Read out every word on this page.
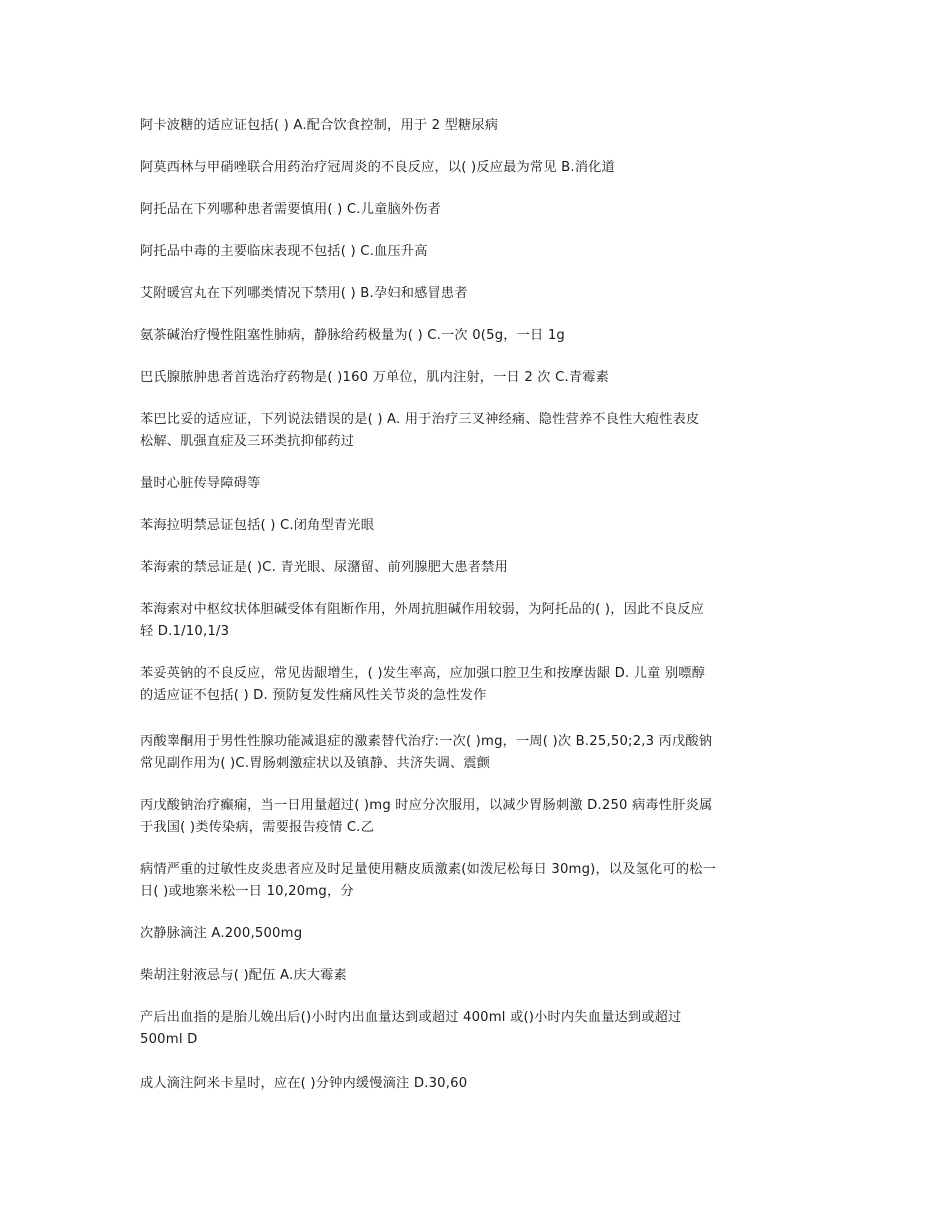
阿卡波糖的适应证包括( ) A.配合饮食控制，用于 2 型糖尿病

阿莫西林与甲硝唑联合用药治疗冠周炎的不良反应，以( )反应最为常见 B.消化道

阿托品在下列哪种患者需要慎用( ) C.儿童脑外伤者

阿托品中毒的主要临床表现不包括( ) C.血压升高

艾附暖宫丸在下列哪类情况下禁用( ) B.孕妇和感冒患者

氨茶碱治疗慢性阻塞性肺病，静脉给药极量为( ) C.一次 0(5g，一日 1g

巴氏腺脓肿患者首选治疗药物是( )160 万单位，肌内注射，一日 2 次 C.青霉素

苯巴比妥的适应证，下列说法错误的是( ) A. 用于治疗三叉神经痛、隐性营养不良性大疱性表皮
松解、肌强直症及三环类抗抑郁药过

量时心脏传导障碍等

苯海拉明禁忌证包括( ) C.闭角型青光眼

苯海索的禁忌证是( )C. 青光眼、尿潴留、前列腺肥大患者禁用

苯海索对中枢纹状体胆碱受体有阻断作用，外周抗胆碱作用较弱，为阿托品的( )，因此不良反应
轻 D.1/10,1/3

苯妥英钠的不良反应，常见齿龈增生，( )发生率高，应加强口腔卫生和按摩齿龈 D. 儿童 别嘌醇
的适应证不包括( ) D. 预防复发性痛风性关节炎的急性发作

丙酸睾酮用于男性性腺功能减退症的激素替代治疗:一次( )mg，一周( )次 B.25,50;2,3 丙戊酸钠
常见副作用为( )C.胃肠刺激症状以及镇静、共济失调、震颤

丙戊酸钠治疗癫痫，当一日用量超过( )mg 时应分次服用，以减少胃肠刺激 D.250 病毒性肝炎属
于我国( )类传染病，需要报告疫情 C.乙

病情严重的过敏性皮炎患者应及时足量使用糖皮质激素(如泼尼松每日 30mg)，以及氢化可的松一
日( )或地寨米松一日 10,20mg，分

次静脉滴注 A.200,500mg

柴胡注射液忌与( )配伍 A.庆大霉素

产后出血指的是胎儿娩出后()小时内出血量达到或超过 400ml 或()小时内失血量达到或超过
500ml D

成人滴注阿米卡星时，应在( )分钟内缓慢滴注 D.30,60
